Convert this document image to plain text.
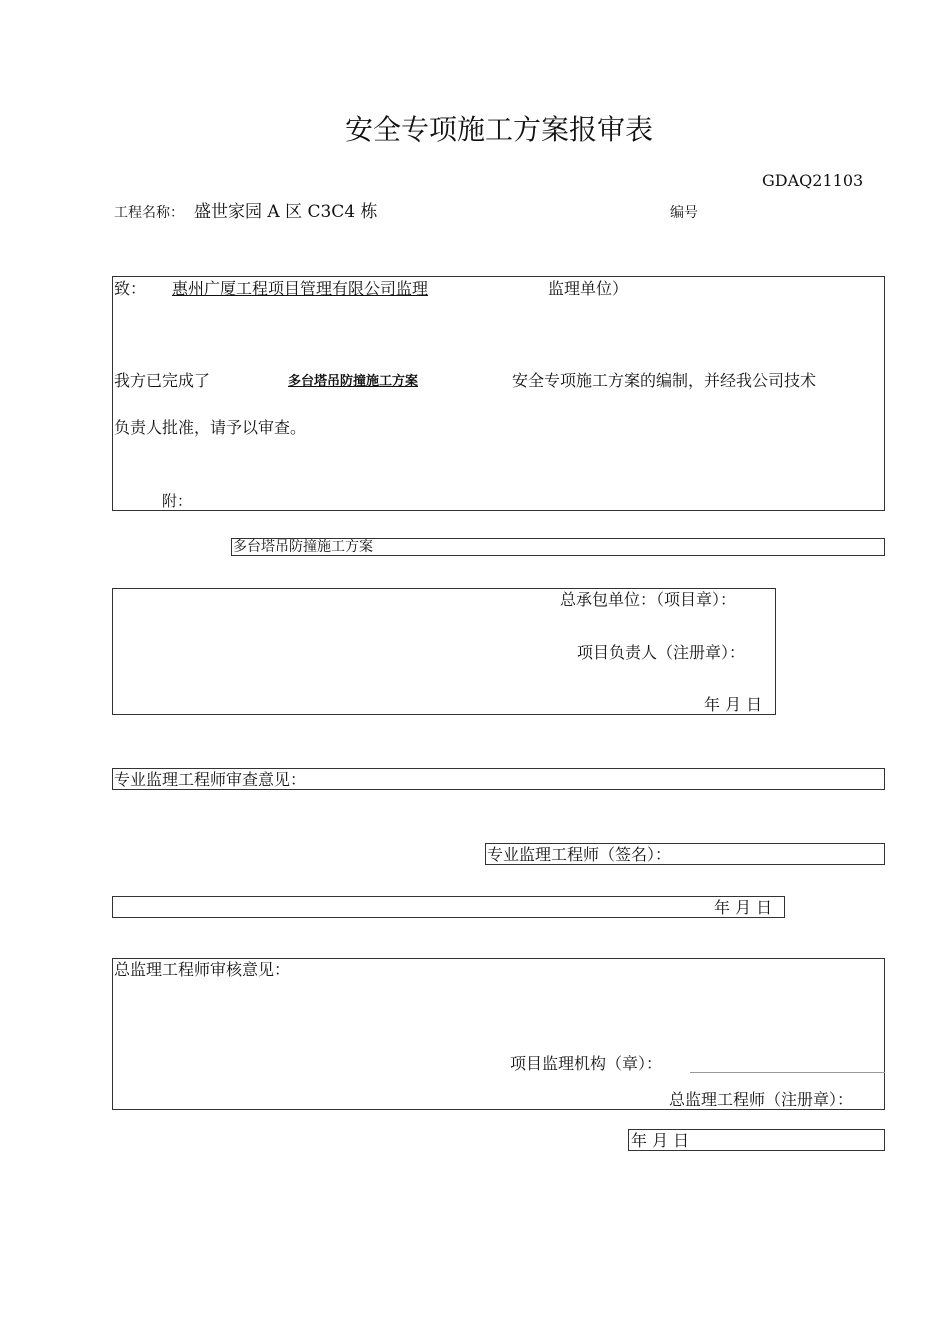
安全专项施工方案报审表
GDAQ21103
工程名称： 盛世家园 A 区 C3C4 栋	编号
致： 惠州广厦工程项目管理有限公司监理	监理单位）
我方已完成了	多台塔吊防撞施工方案	安全专项施工方案的编制，并经我公司技术
负责人批准，请予以审查。
附：
多台塔吊防撞施工方案
总承包单位：（项目章）：
项目负责人（注册章）：
年 月 日
专业监理工程师审查意见：
专业监理工程师（签名）：
年 月 日
总监理工程师审核意见：
项目监理机构（章）：
总监理工程师（注册章）：
年 月 日
